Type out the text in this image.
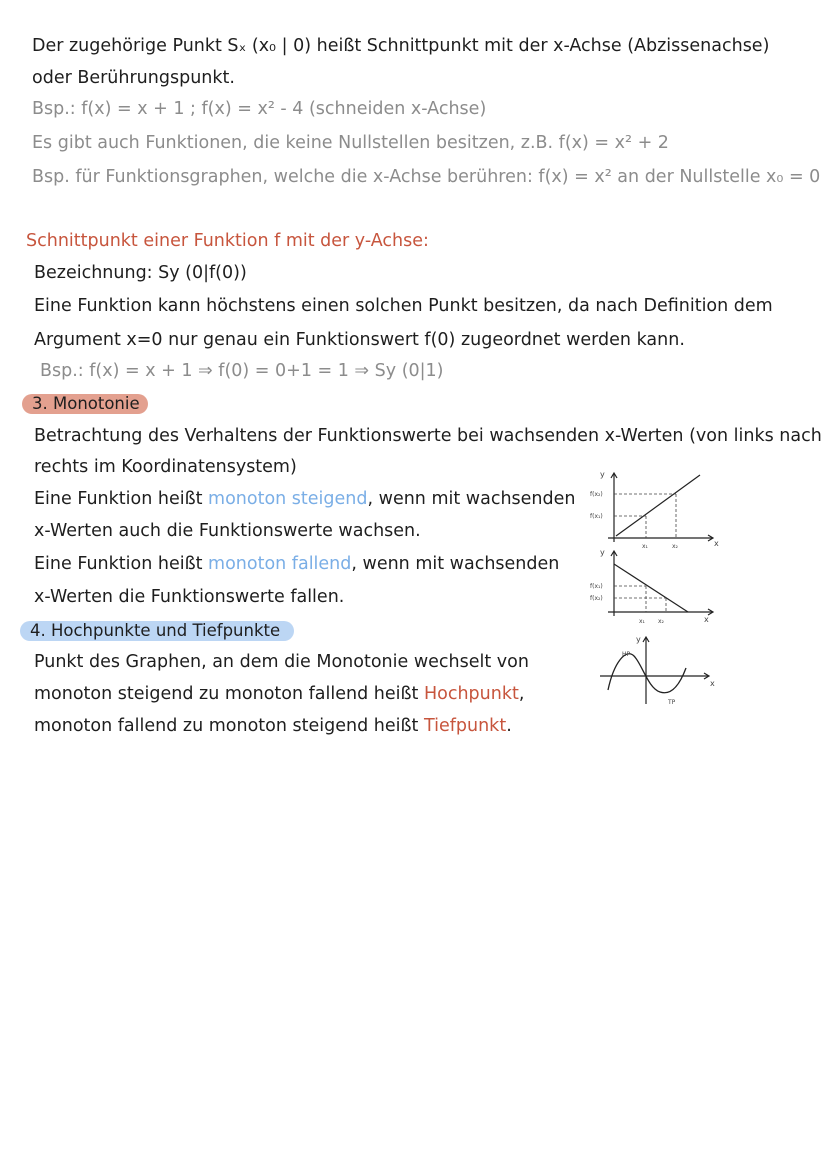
Der zugehörige Punkt Sₓ (x₀ | 0) heißt Schnittpunkt mit der x-Achse (Abzissenachse)
oder Berührungspunkt.
Bsp.: f(x) = x + 1 ; f(x) = x² - 4 (schneiden x-Achse)
Es gibt auch Funktionen, die keine Nullstellen besitzen, z.B. f(x) = x² + 2
Bsp. für Funktionsgraphen, welche die x-Achse berühren: f(x) = x² an der Nullstelle x₀ = 0
Schnittpunkt einer Funktion f mit der y-Achse:
Bezeichnung: Sy (0|f(0))
Eine Funktion kann höchstens einen solchen Punkt besitzen, da nach Definition dem
Argument x=0 nur genau ein Funktionswert f(0) zugeordnet werden kann.
Bsp.: f(x) = x + 1 ⇒ f(0) = 0+1 = 1 ⇒ Sy (0|1)
3. Monotonie
Betrachtung des Verhaltens der Funktionswerte bei wachsenden x-Werten (von links nach
rechts im Koordinatensystem)
Eine Funktion heißt monoton steigend, wenn mit wachsenden
x-Werten auch die Funktionswerte wachsen.
Eine Funktion heißt monoton fallend, wenn mit wachsenden
x-Werten die Funktionswerte fallen.
4. Hochpunkte und Tiefpunkte
Punkt des Graphen, an dem die Monotonie wechselt von
monoton steigend zu monoton fallend heißt Hochpunkt,
monoton fallend zu monoton steigend heißt Tiefpunkt.
y
x
f(x₂)
f(x₁)
x₁	x₂
y
x
f(x₁)
f(x₂)
x₁ x₂
y
x
HP
TP
